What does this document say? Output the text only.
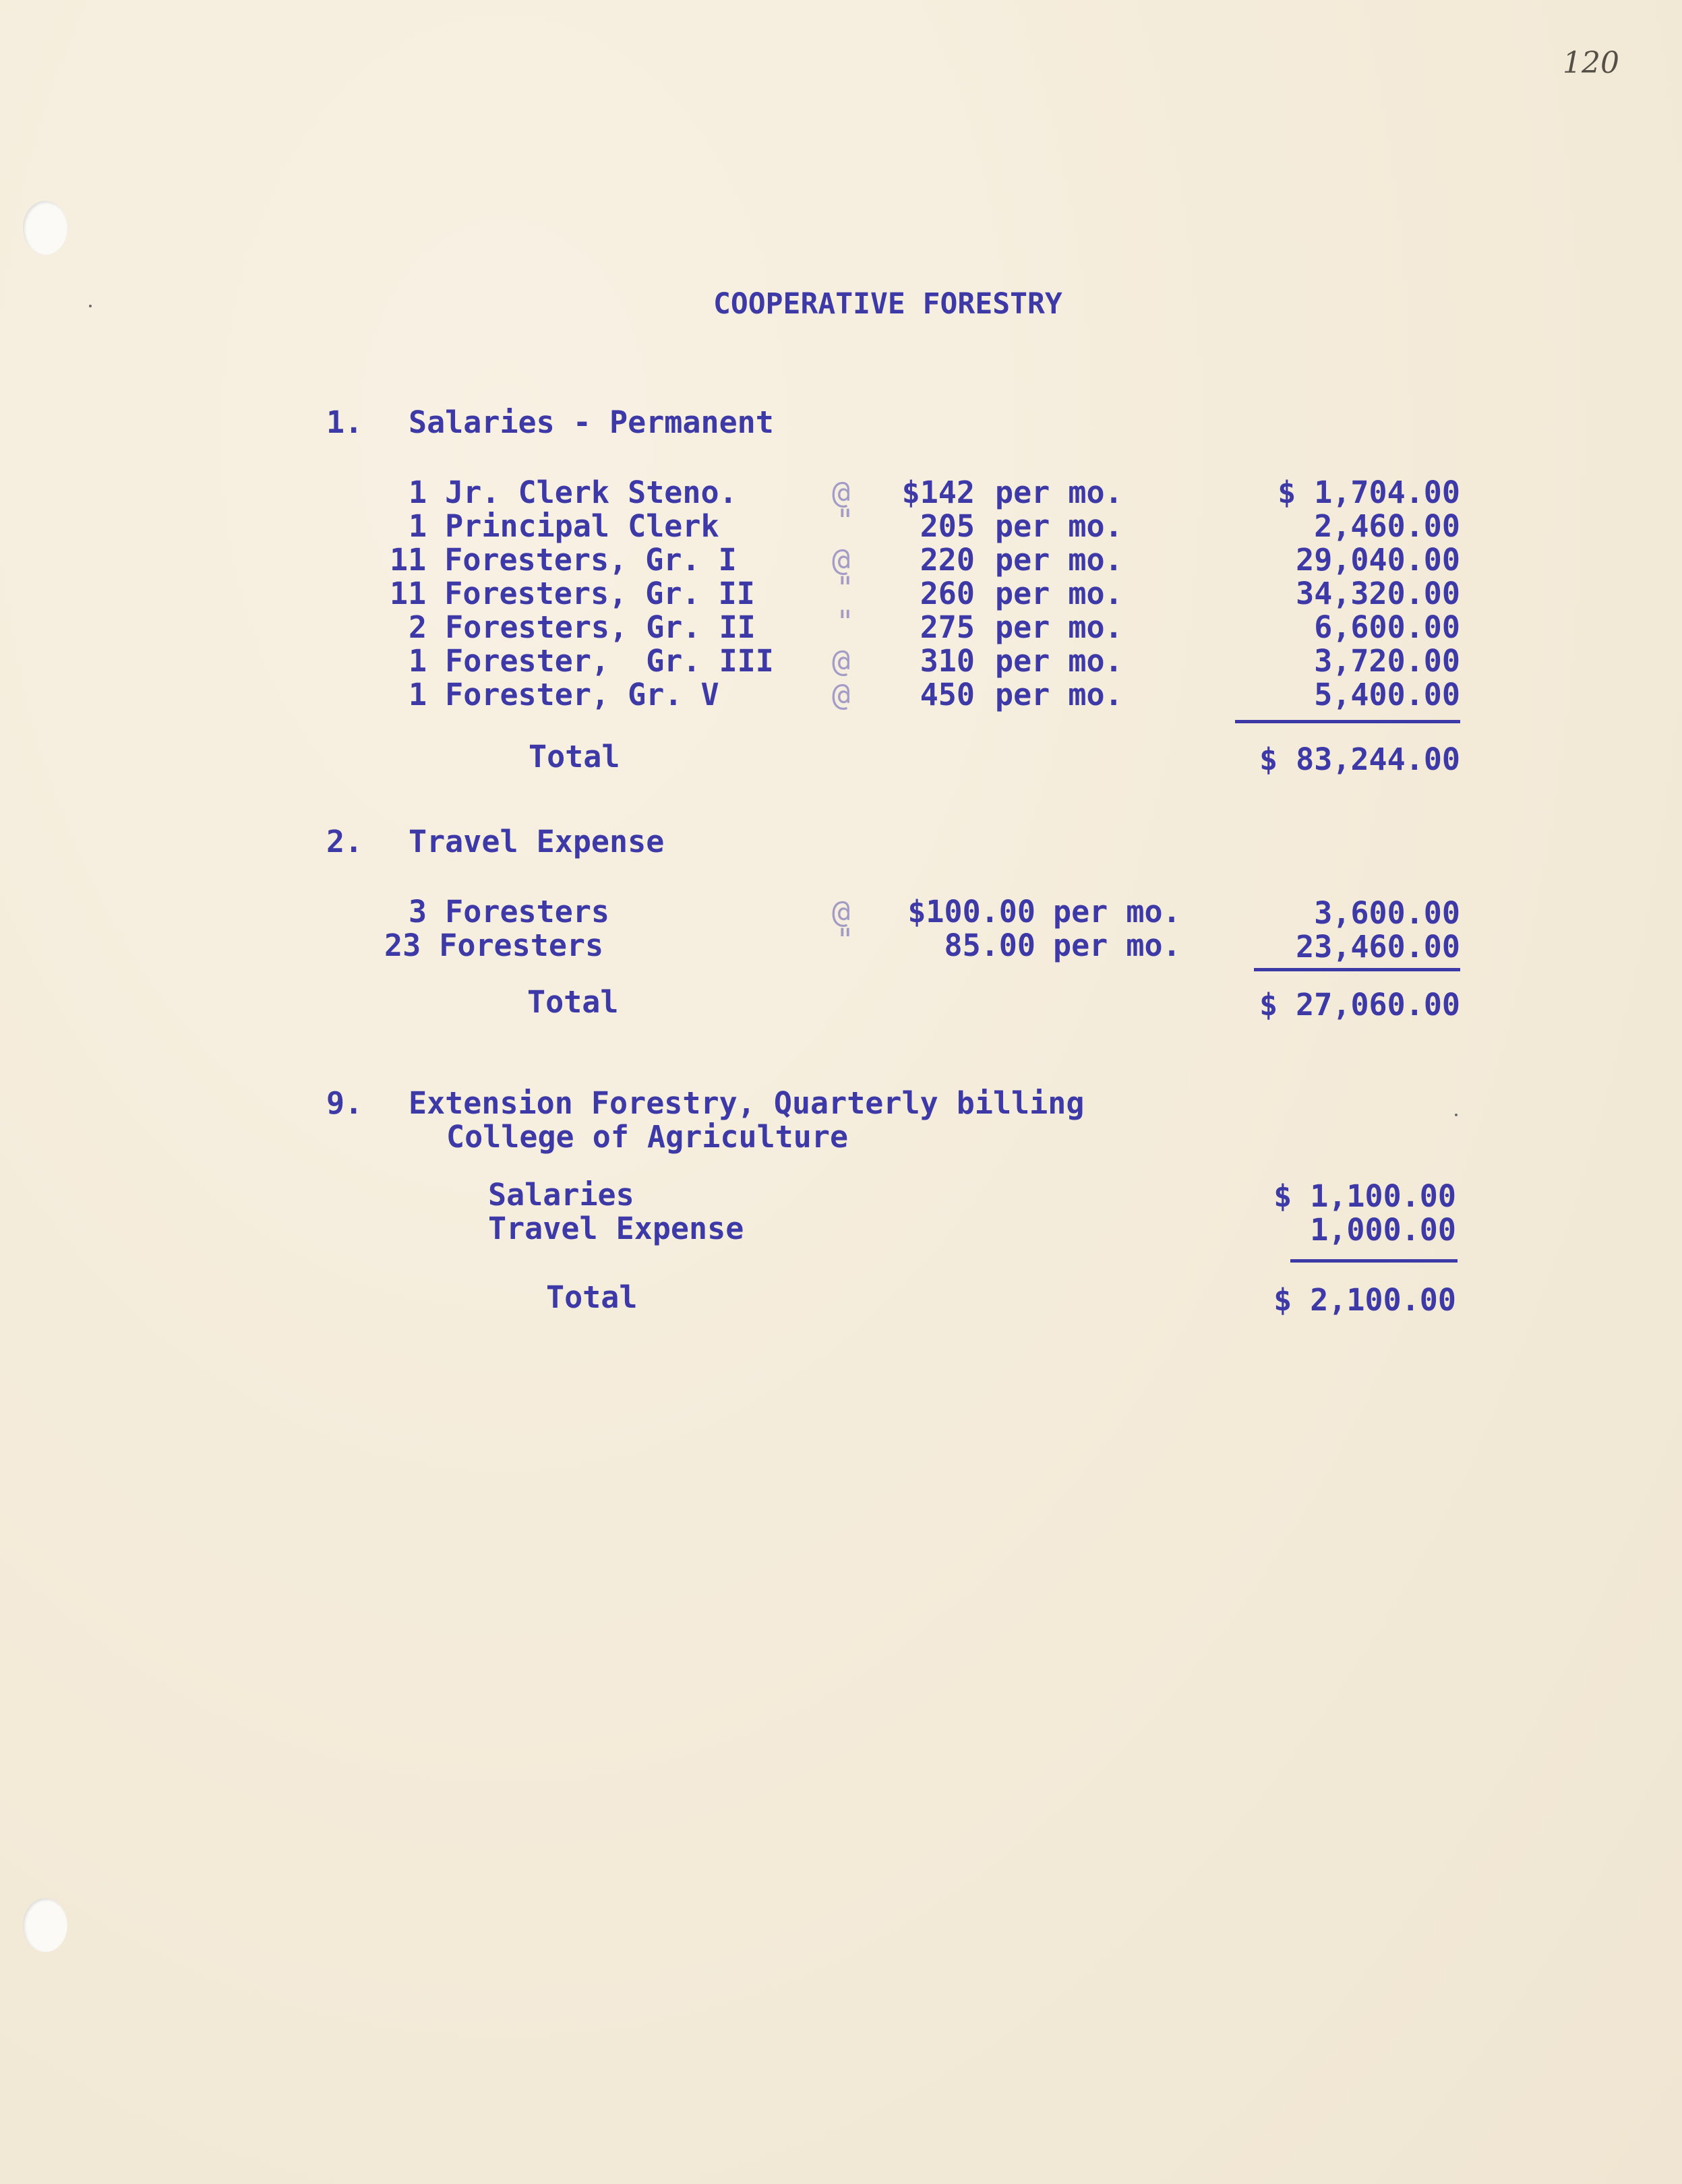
120
COOPERATIVE FORESTRY
1. Salaries - Permanent
1 Jr. Clerk Steno.	@	$142 per mo.	$ 1,704.00
1 Principal Clerk	"	205 per mo.	2,460.00
11 Foresters, Gr. I	@	220 per mo.	29,040.00
11 Foresters, Gr. II	"	260 per mo.	34,320.00
2 Foresters, Gr. II	"	275 per mo.	6,600.00
1 Forester,  Gr. III @	310 per mo.	3,720.00
1 Forester, Gr. V	@	450 per mo.	5,400.00
Total	$ 83,244.00
2. Travel Expense
3 Foresters	@	$100.00 per mo.	3,600.00
23 Foresters	"	85.00 per mo.	23,460.00
Total	$ 27,060.00
9. Extension Forestry, Quarterly billing
College of Agriculture
Salaries	$ 1,100.00
Travel Expense	1,000.00
Total	$ 2,100.00
